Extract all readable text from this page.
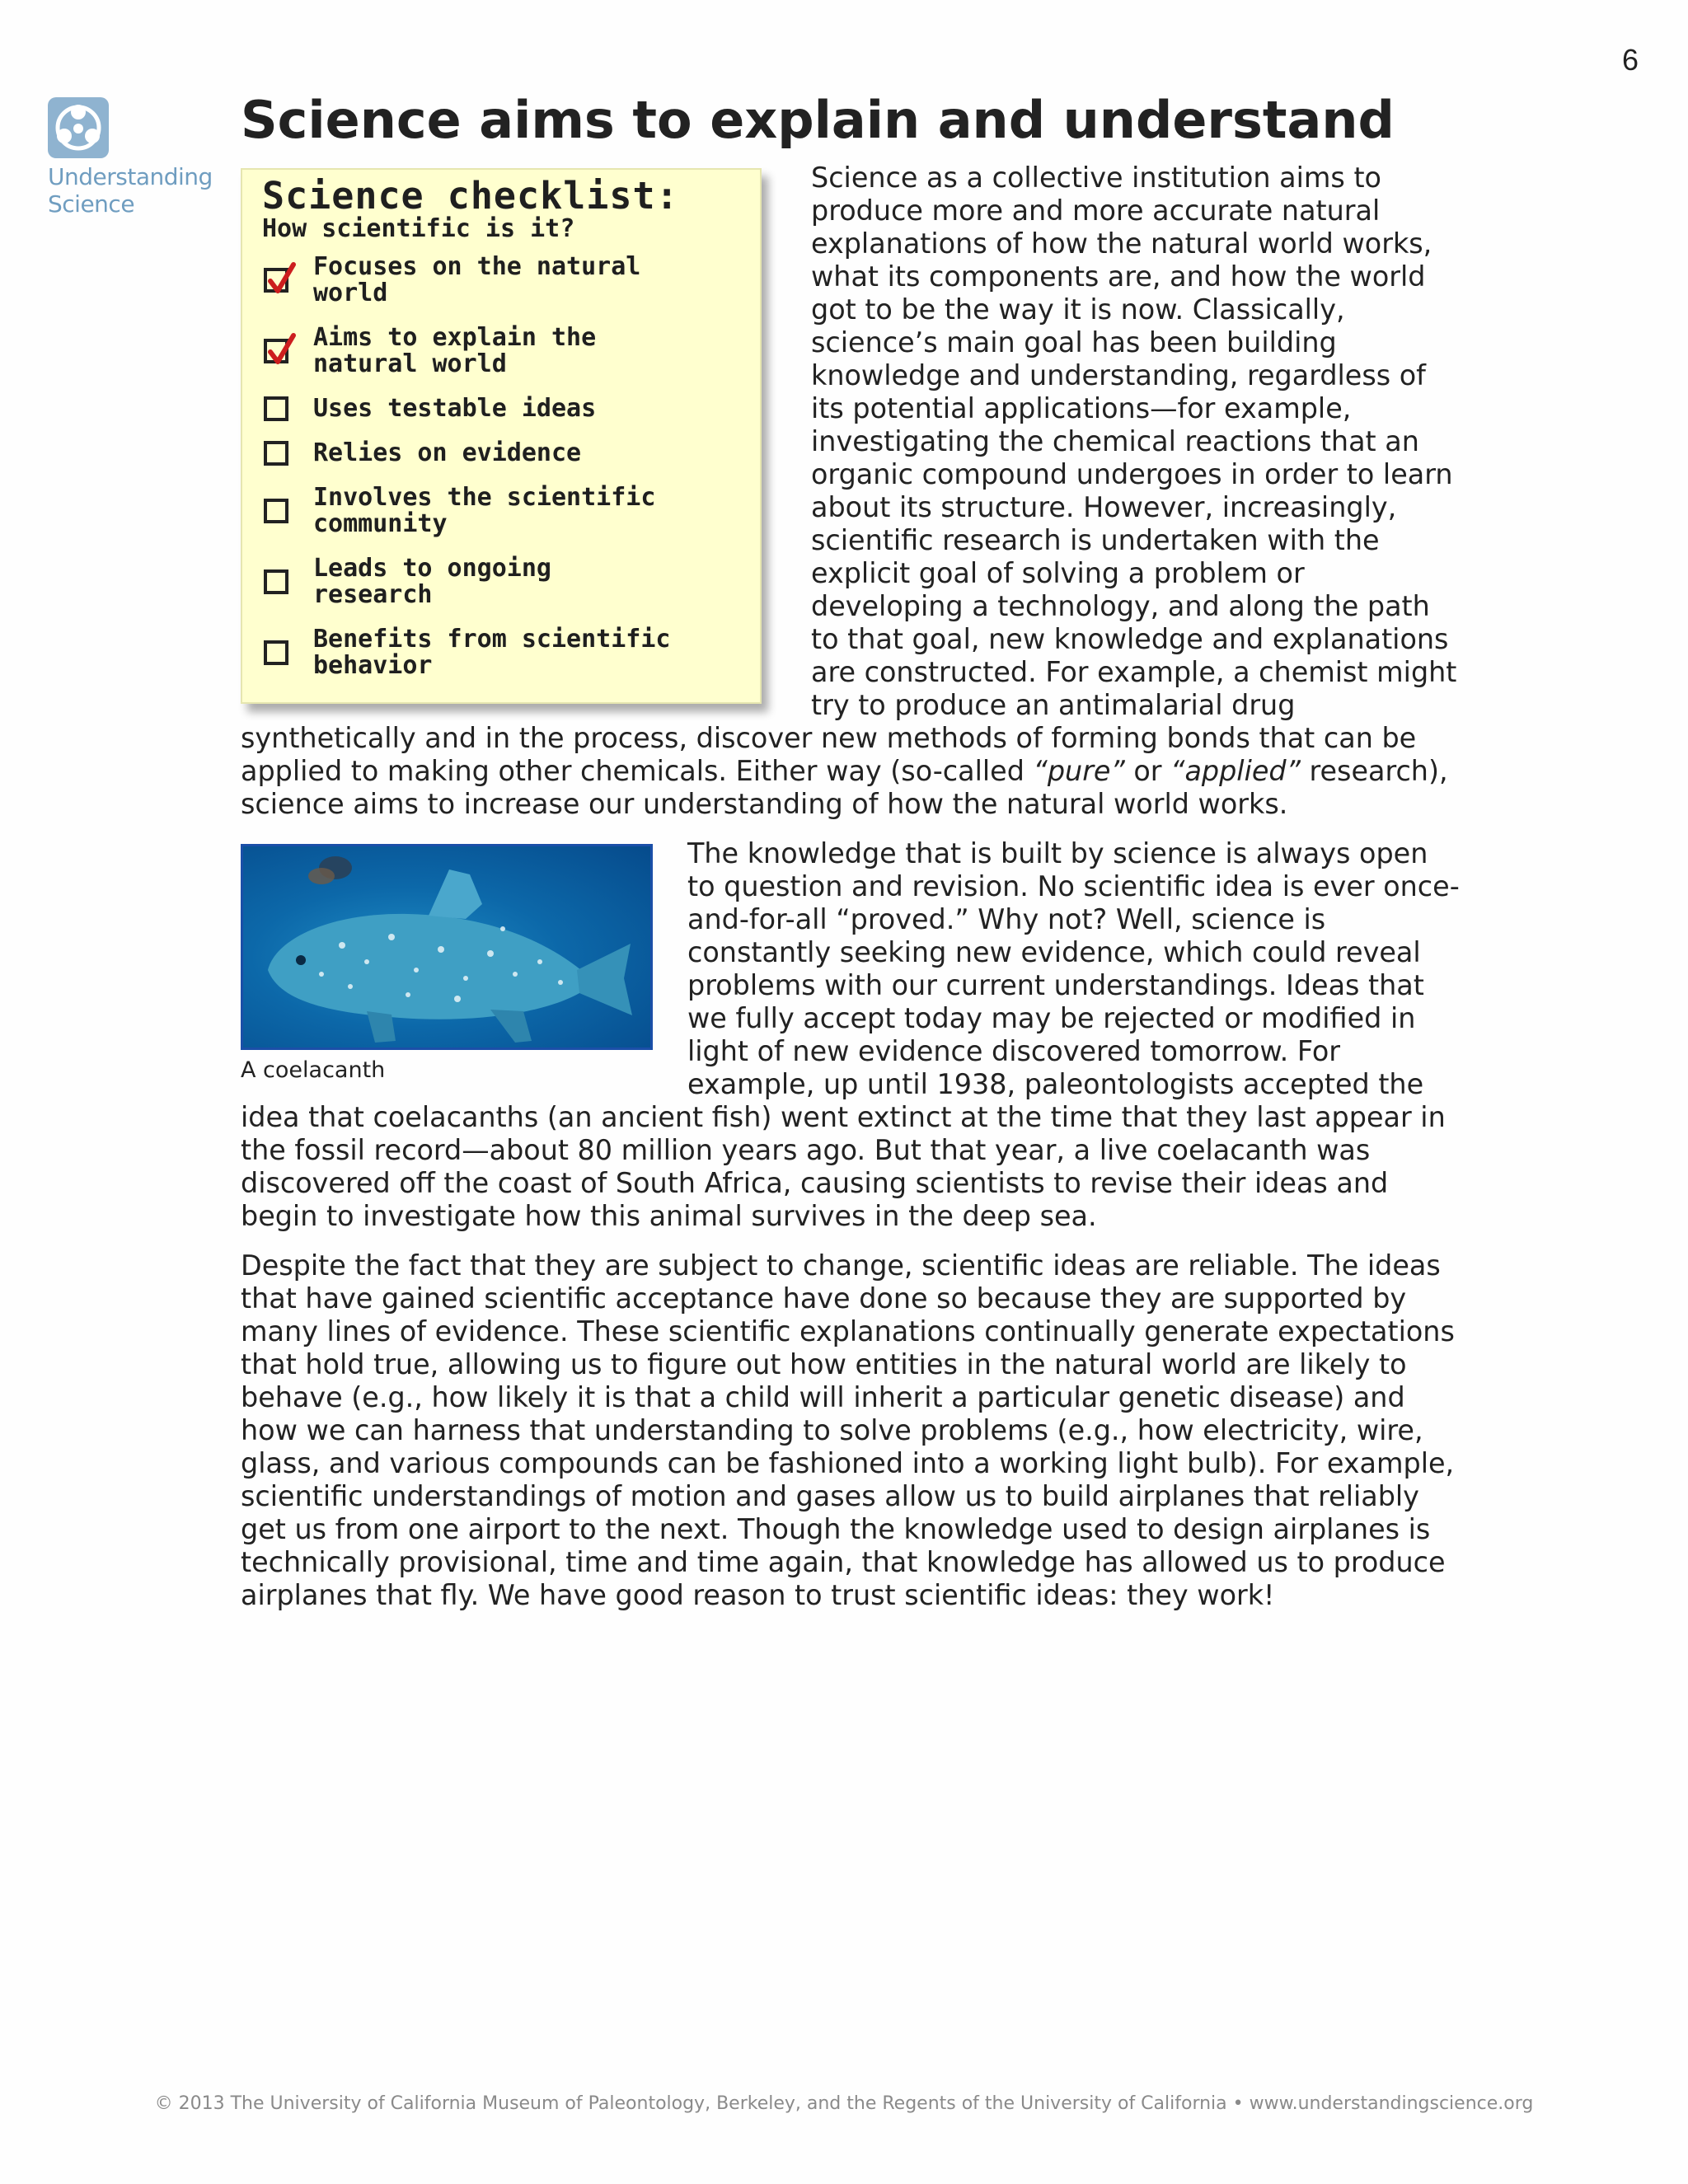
6
Understanding
Science
Science aims to explain and understand
Science checklist:
How scientific is it?
Focuses on the natural
world
Aims to explain the
natural world
Uses testable ideas
Relies on evidence
Involves the scientific
community
Leads to ongoing
research
Benefits from scientific
behavior

Science as a collective institution aims to produce more and more accurate natural explanations of how the natural world works, what its components are, and how the world got to be the way it is now. Classically, science’s main goal has been building knowledge and understanding, regardless of its potential applications—for example, investigating the chemical reactions that an organic compound undergoes in order to learn about its structure. However, increasingly, scientific research is undertaken with the explicit goal of solving a problem or developing a technology, and along the path to that goal, new knowledge and explanations are constructed. For example, a chemist might try to produce an antimalarial drug synthetically and in the process, discover new methods of forming bonds that can be applied to making other chemicals. Either way (so-called “pure” or “applied” research), science aims to increase our understanding of how the natural world works.

A coelacanth

The knowledge that is built by science is always open to question and revision. No scientific idea is ever once-and-for-all “proved.” Why not? Well, science is constantly seeking new evidence, which could reveal problems with our current understandings. Ideas that we fully accept today may be rejected or modified in light of new evidence discovered tomorrow. For example, up until 1938, paleontologists accepted the idea that coelacanths (an ancient fish) went extinct at the time that they last appear in the fossil record—about 80 million years ago. But that year, a live coelacanth was discovered off the coast of South Africa, causing scientists to revise their ideas and begin to investigate how this animal survives in the deep sea.

Despite the fact that they are subject to change, scientific ideas are reliable. The ideas that have gained scientific acceptance have done so because they are supported by many lines of evidence. These scientific explanations continually generate expectations that hold true, allowing us to figure out how entities in the natural world are likely to behave (e.g., how likely it is that a child will inherit a particular genetic disease) and how we can harness that understanding to solve problems (e.g., how electricity, wire, glass, and various compounds can be fashioned into a working light bulb). For example, scientific understandings of motion and gases allow us to build airplanes that reliably get us from one airport to the next. Though the knowledge used to design airplanes is technically provisional, time and time again, that knowledge has allowed us to produce airplanes that fly. We have good reason to trust scientific ideas: they work!

© 2013 The University of California Museum of Paleontology, Berkeley, and the Regents of the University of California • www.understandingscience.org
